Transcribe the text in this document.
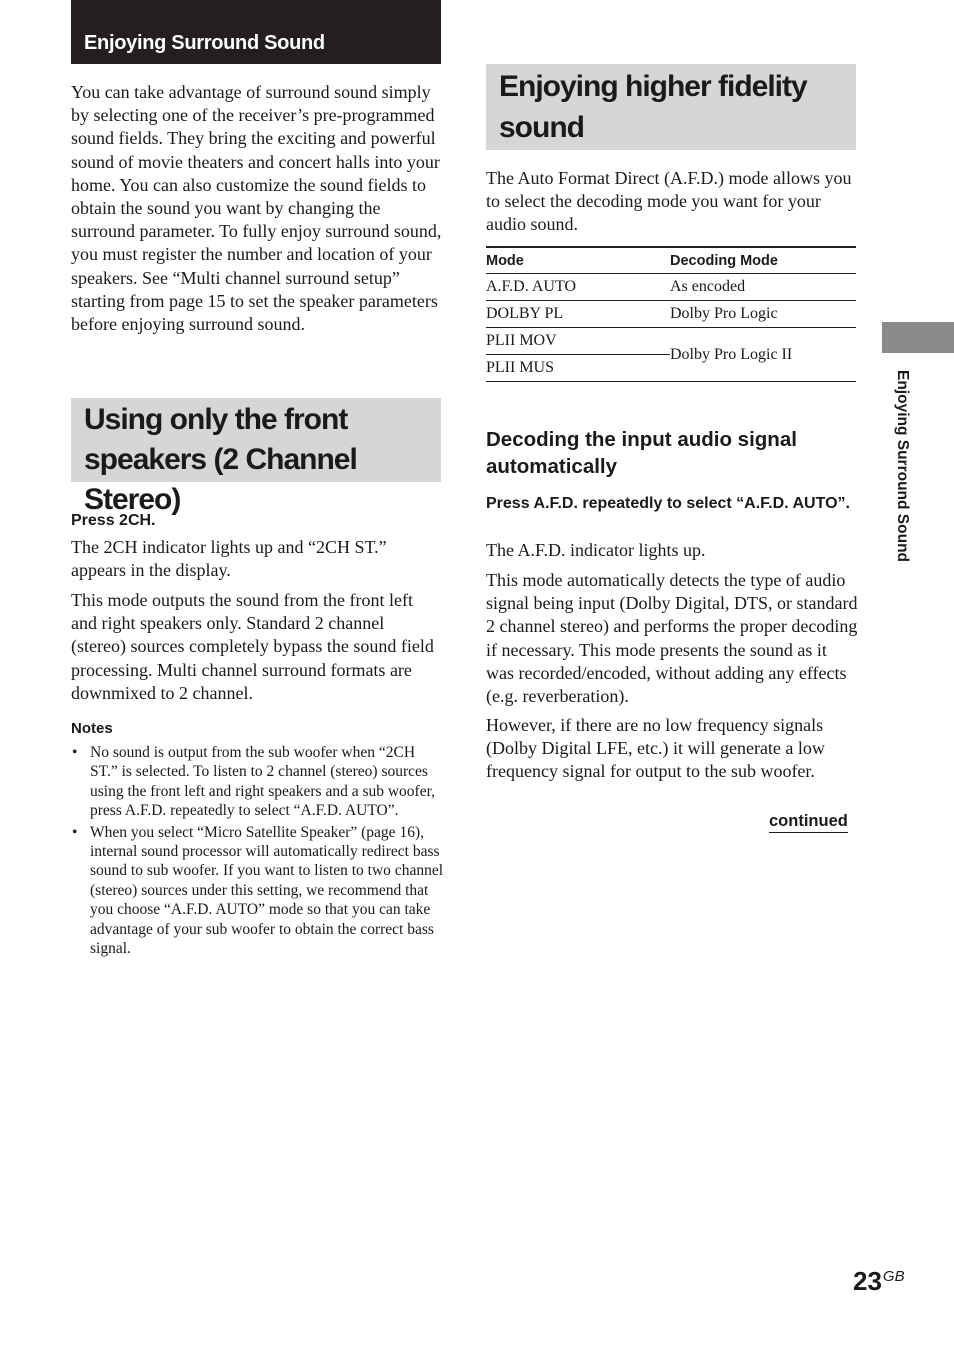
Enjoying Surround Sound

You can take advantage of surround sound simply by selecting one of the receiver’s pre-programmed sound fields. They bring the exciting and powerful sound of movie theaters and concert halls into your home. You can also customize the sound fields to obtain the sound you want by changing the surround parameter. To fully enjoy surround sound, you must register the number and location of your speakers. See “Multi channel surround setup” starting from page 15 to set the speaker parameters before enjoying surround sound.

Using only the front speakers (2 Channel Stereo)

Press 2CH.

The 2CH indicator lights up and “2CH ST.” appears in the display.

This mode outputs the sound from the front left and right speakers only. Standard 2 channel (stereo) sources completely bypass the sound field processing. Multi channel surround formats are downmixed to 2 channel.

Notes
• No sound is output from the sub woofer when “2CH ST.” is selected. To listen to 2 channel (stereo) sources using the front left and right speakers and a sub woofer, press A.F.D. repeatedly to select “A.F.D. AUTO”.
• When you select “Micro Satellite Speaker” (page 16), internal sound processor will automatically redirect bass sound to sub woofer. If you want to listen to two channel (stereo) sources under this setting, we recommend that you choose “A.F.D. AUTO” mode so that you can take advantage of your sub woofer to obtain the correct bass signal.
Enjoying higher fidelity sound

The Auto Format Direct (A.F.D.) mode allows you to select the decoding mode you want for your audio sound.

Mode	Decoding Mode
A.F.D. AUTO	As encoded
DOLBY PL	Dolby Pro Logic
PLII MOV	Dolby Pro Logic II
PLII MUS	
Decoding the input audio signal automatically

Press A.F.D. repeatedly to select “A.F.D. AUTO”.

The A.F.D. indicator lights up.

This mode automatically detects the type of audio signal being input (Dolby Digital, DTS, or standard 2 channel stereo) and performs the proper decoding if necessary. This mode presents the sound as it was recorded/encoded, without adding any effects (e.g. reverberation).

However, if there are no low frequency signals (Dolby Digital LFE, etc.) it will generate a low frequency signal for output to the sub woofer.

continued
Enjoying Surround Sound
23GB
